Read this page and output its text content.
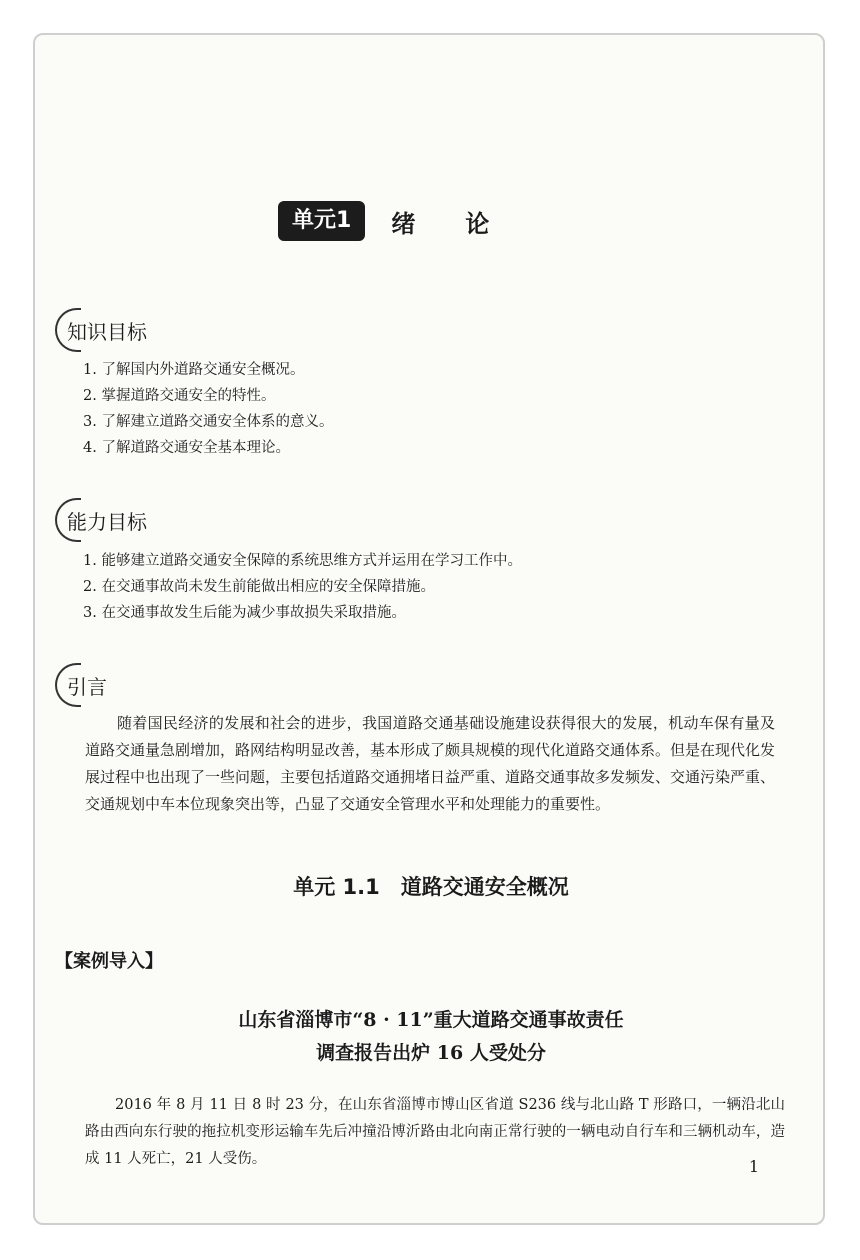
单元1	绪论
知识目标
1. 了解国内外道路交通安全概况。
2. 掌握道路交通安全的特性。
3. 了解建立道路交通安全体系的意义。
4. 了解道路交通安全基本理论。
能力目标
1. 能够建立道路交通安全保障的系统思维方式并运用在学习工作中。
2. 在交通事故尚未发生前能做出相应的安全保障措施。
3. 在交通事故发生后能为减少事故损失采取措施。
引言

随着国民经济的发展和社会的进步，我国道路交通基础设施建设获得很大的发展，机动车保有量及道路交通量急剧增加，路网结构明显改善，基本形成了颇具规模的现代化道路交通体系。但是在现代化发展过程中也出现了一些问题，主要包括道路交通拥堵日益严重、道路交通事故多发频发、交通污染严重、交通规划中车本位现象突出等，凸显了交通安全管理水平和处理能力的重要性。

单元 1.1　道路交通安全概况
【案例导入】
山东省淄博市“8 · 11”重大道路交通事故责任
调查报告出炉 16 人受处分

2016 年 8 月 11 日 8 时 23 分，在山东省淄博市博山区省道 S236 线与北山路 T 形路口，一辆沿北山路由西向东行驶的拖拉机变形运输车先后冲撞沿博沂路由北向南正常行驶的一辆电动自行车和三辆机动车，造成 11 人死亡，21 人受伤。	1
